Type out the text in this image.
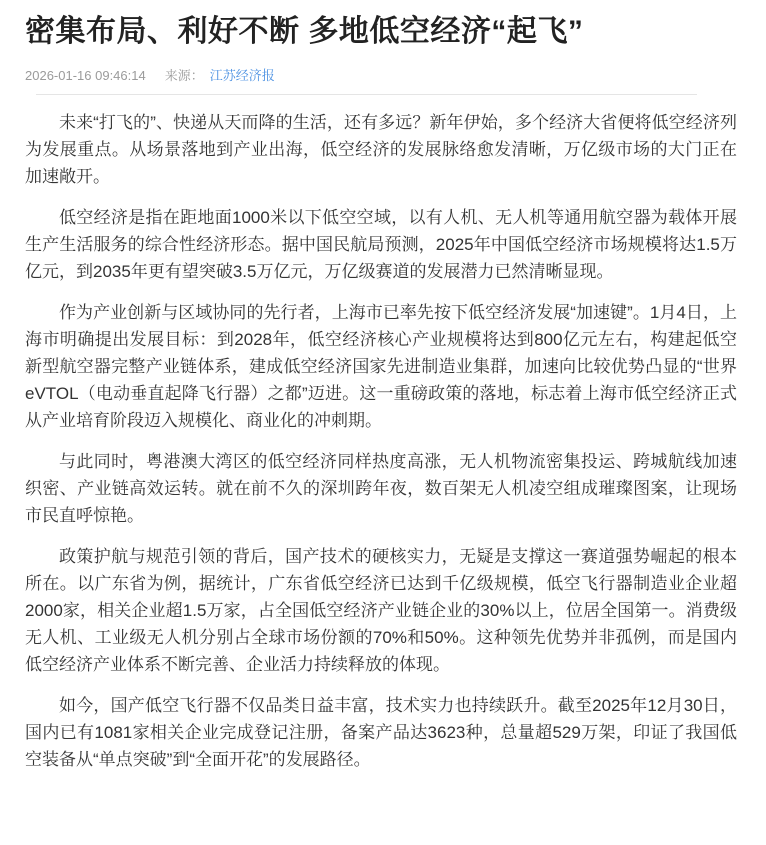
密集布局、利好不断 多地低空经济“起飞”
2026-01-16 09:46:14 来源： 江苏经济报

未来“打飞的”、快递从天而降的生活，还有多远？新年伊始，多个经济大省便将低空经济列为发展重点。从场景落地到产业出海，低空经济的发展脉络愈发清晰，万亿级市场的大门正在加速敞开。

低空经济是指在距地面1000米以下低空空域，以有人机、无人机等通用航空器为载体开展生产生活服务的综合性经济形态。据中国民航局预测，2025年中国低空经济市场规模将达1.5万亿元，到2035年更有望突破3.5万亿元，万亿级赛道的发展潜力已然清晰显现。

作为产业创新与区域协同的先行者，上海市已率先按下低空经济发展“加速键”。1月4日，上海市明确提出发展目标：到2028年，低空经济核心产业规模将达到800亿元左右，构建起低空新型航空器完整产业链体系，建成低空经济国家先进制造业集群，加速向比较优势凸显的“世界eVTOL（电动垂直起降飞行器）之都”迈进。这一重磅政策的落地，标志着上海市低空经济正式从产业培育阶段迈入规模化、商业化的冲刺期。

与此同时，粤港澳大湾区的低空经济同样热度高涨，无人机物流密集投运、跨城航线加速织密、产业链高效运转。就在前不久的深圳跨年夜，数百架无人机凌空组成璀璨图案，让现场市民直呼惊艳。

政策护航与规范引领的背后，国产技术的硬核实力，无疑是支撑这一赛道强势崛起的根本所在。以广东省为例，据统计，广东省低空经济已达到千亿级规模，低空飞行器制造业企业超2000家，相关企业超1.5万家，占全国低空经济产业链企业的30%以上，位居全国第一。消费级无人机、工业级无人机分别占全球市场份额的70%和50%。这种领先优势并非孤例，而是国内低空经济产业体系不断完善、企业活力持续释放的体现。

如今，国产低空飞行器不仅品类日益丰富，技术实力也持续跃升。截至2025年12月30日，国内已有1081家相关企业完成登记注册，备案产品达3623种，总量超529万架，印证了我国低空装备从“单点突破”到“全面开花”的发展路径。
